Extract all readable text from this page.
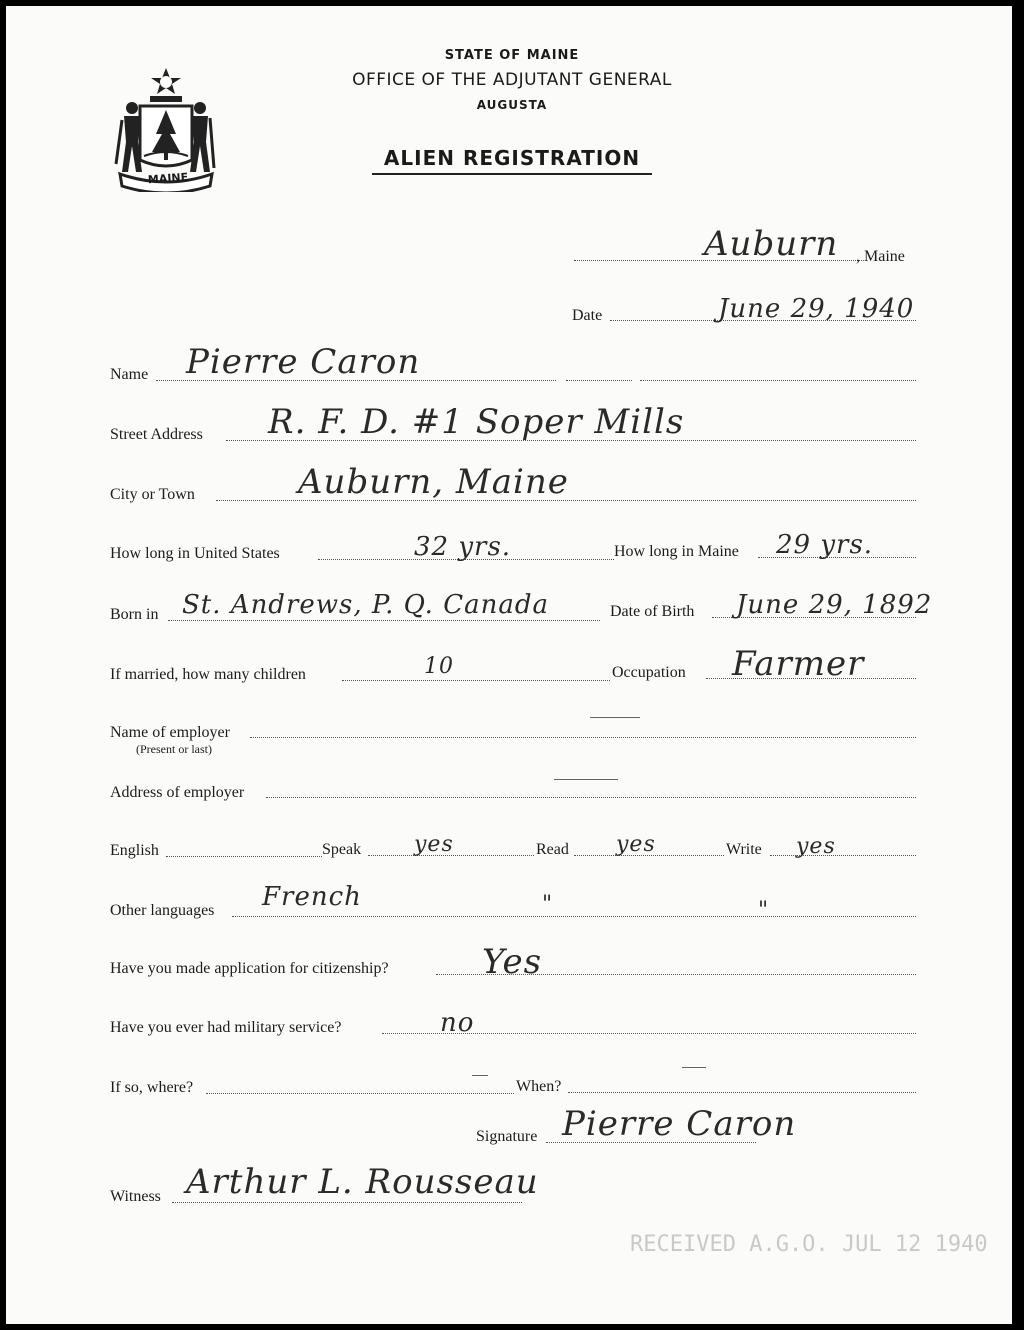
MAINE
STATE OF MAINE
OFFICE OF THE ADJUTANT GENERAL
AUGUSTA
ALIEN REGISTRATION
Auburn , Maine
Date	June 29, 1940
Name Pierre Caron
Street Address R. F. D. #1 Soper Mills
City or Town	Auburn, Maine
How long in United States	32 yrs.	How long in Maine 29 yrs.
Born in St. Andrews, P. Q. Canada	Date of Birth June 29, 1892
If married, how many children	10	Occupation Farmer
Name of employer
(Present or last)
Address of employer
English	Speak yes	Read yes	Write yes
Other languages French	"	"
Have you made application for citizenship?	Yes
Have you ever had military service?	no
If so, where?	When?
Signature Pierre Caron
Witness Arthur L. Rousseau
RECEIVED A.G.O. JUL 12 1940
